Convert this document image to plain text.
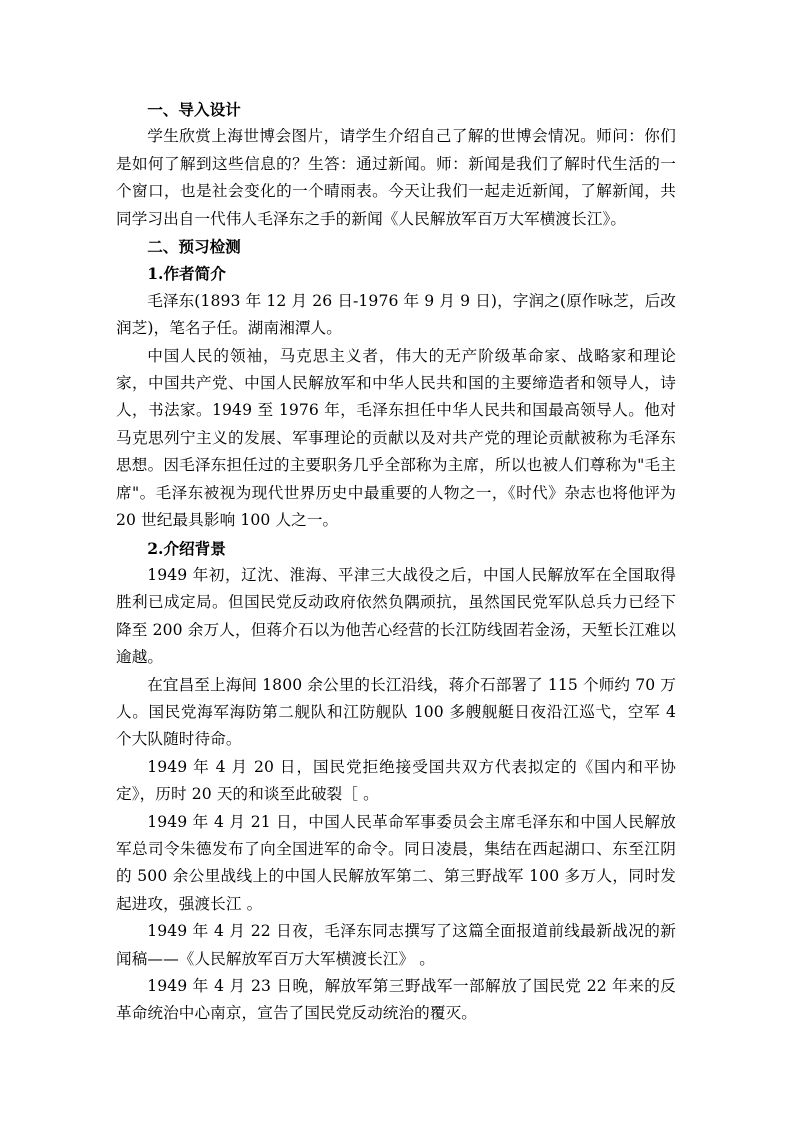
一、导入设计

学生欣赏上海世博会图片，请学生介绍自己了解的世博会情况。师问：你们是如何了解到这些信息的？生答：通过新闻。师：新闻是我们了解时代生活的一个窗口，也是社会变化的一个晴雨表。今天让我们一起走近新闻，了解新闻，共同学习出自一代伟人毛泽东之手的新闻《人民解放军百万大军横渡长江》。

二、预习检测

1.作者简介

毛泽东(1893 年 12 月 26 日-1976 年 9 月 9 日)，字润之(原作咏芝，后改润芝)，笔名子任。湖南湘潭人。

中国人民的领袖，马克思主义者，伟大的无产阶级革命家、战略家和理论家，中国共产党、中国人民解放军和中华人民共和国的主要缔造者和领导人，诗人，书法家。1949 至 1976 年，毛泽东担任中华人民共和国最高领导人。他对马克思列宁主义的发展、军事理论的贡献以及对共产党的理论贡献被称为毛泽东思想。因毛泽东担任过的主要职务几乎全部称为主席，所以也被人们尊称为"毛主席"。毛泽东被视为现代世界历史中最重要的人物之一，《时代》杂志也将他评为 20 世纪最具影响 100 人之一。

2.介绍背景

1949 年初，辽沈、淮海、平津三大战役之后，中国人民解放军在全国取得胜利已成定局。但国民党反动政府依然负隅顽抗，虽然国民党军队总兵力已经下降至 200 余万人，但蒋介石以为他苦心经营的长江防线固若金汤，天堑长江难以逾越。

在宜昌至上海间 1800 余公里的长江沿线，蒋介石部署了 115 个师约 70 万人。国民党海军海防第二舰队和江防舰队 100 多艘舰艇日夜沿江巡弋，空军 4 个大队随时待命。

1949 年 4 月 20 日，国民党拒绝接受国共双方代表拟定的《国内和平协定》，历时 20 天的和谈至此破裂［ 。

1949 年 4 月 21 日，中国人民革命军事委员会主席毛泽东和中国人民解放军总司令朱德发布了向全国进军的命令。同日凌晨，集结在西起湖口、东至江阴的 500 余公里战线上的中国人民解放军第二、第三野战军 100 多万人，同时发起进攻，强渡长江 。

1949 年 4 月 22 日夜，毛泽东同志撰写了这篇全面报道前线最新战况的新闻稿——《人民解放军百万大军横渡长江》 。

1949 年 4 月 23 日晚，解放军第三野战军一部解放了国民党 22 年来的反革命统治中心南京，宣告了国民党反动统治的覆灭。
